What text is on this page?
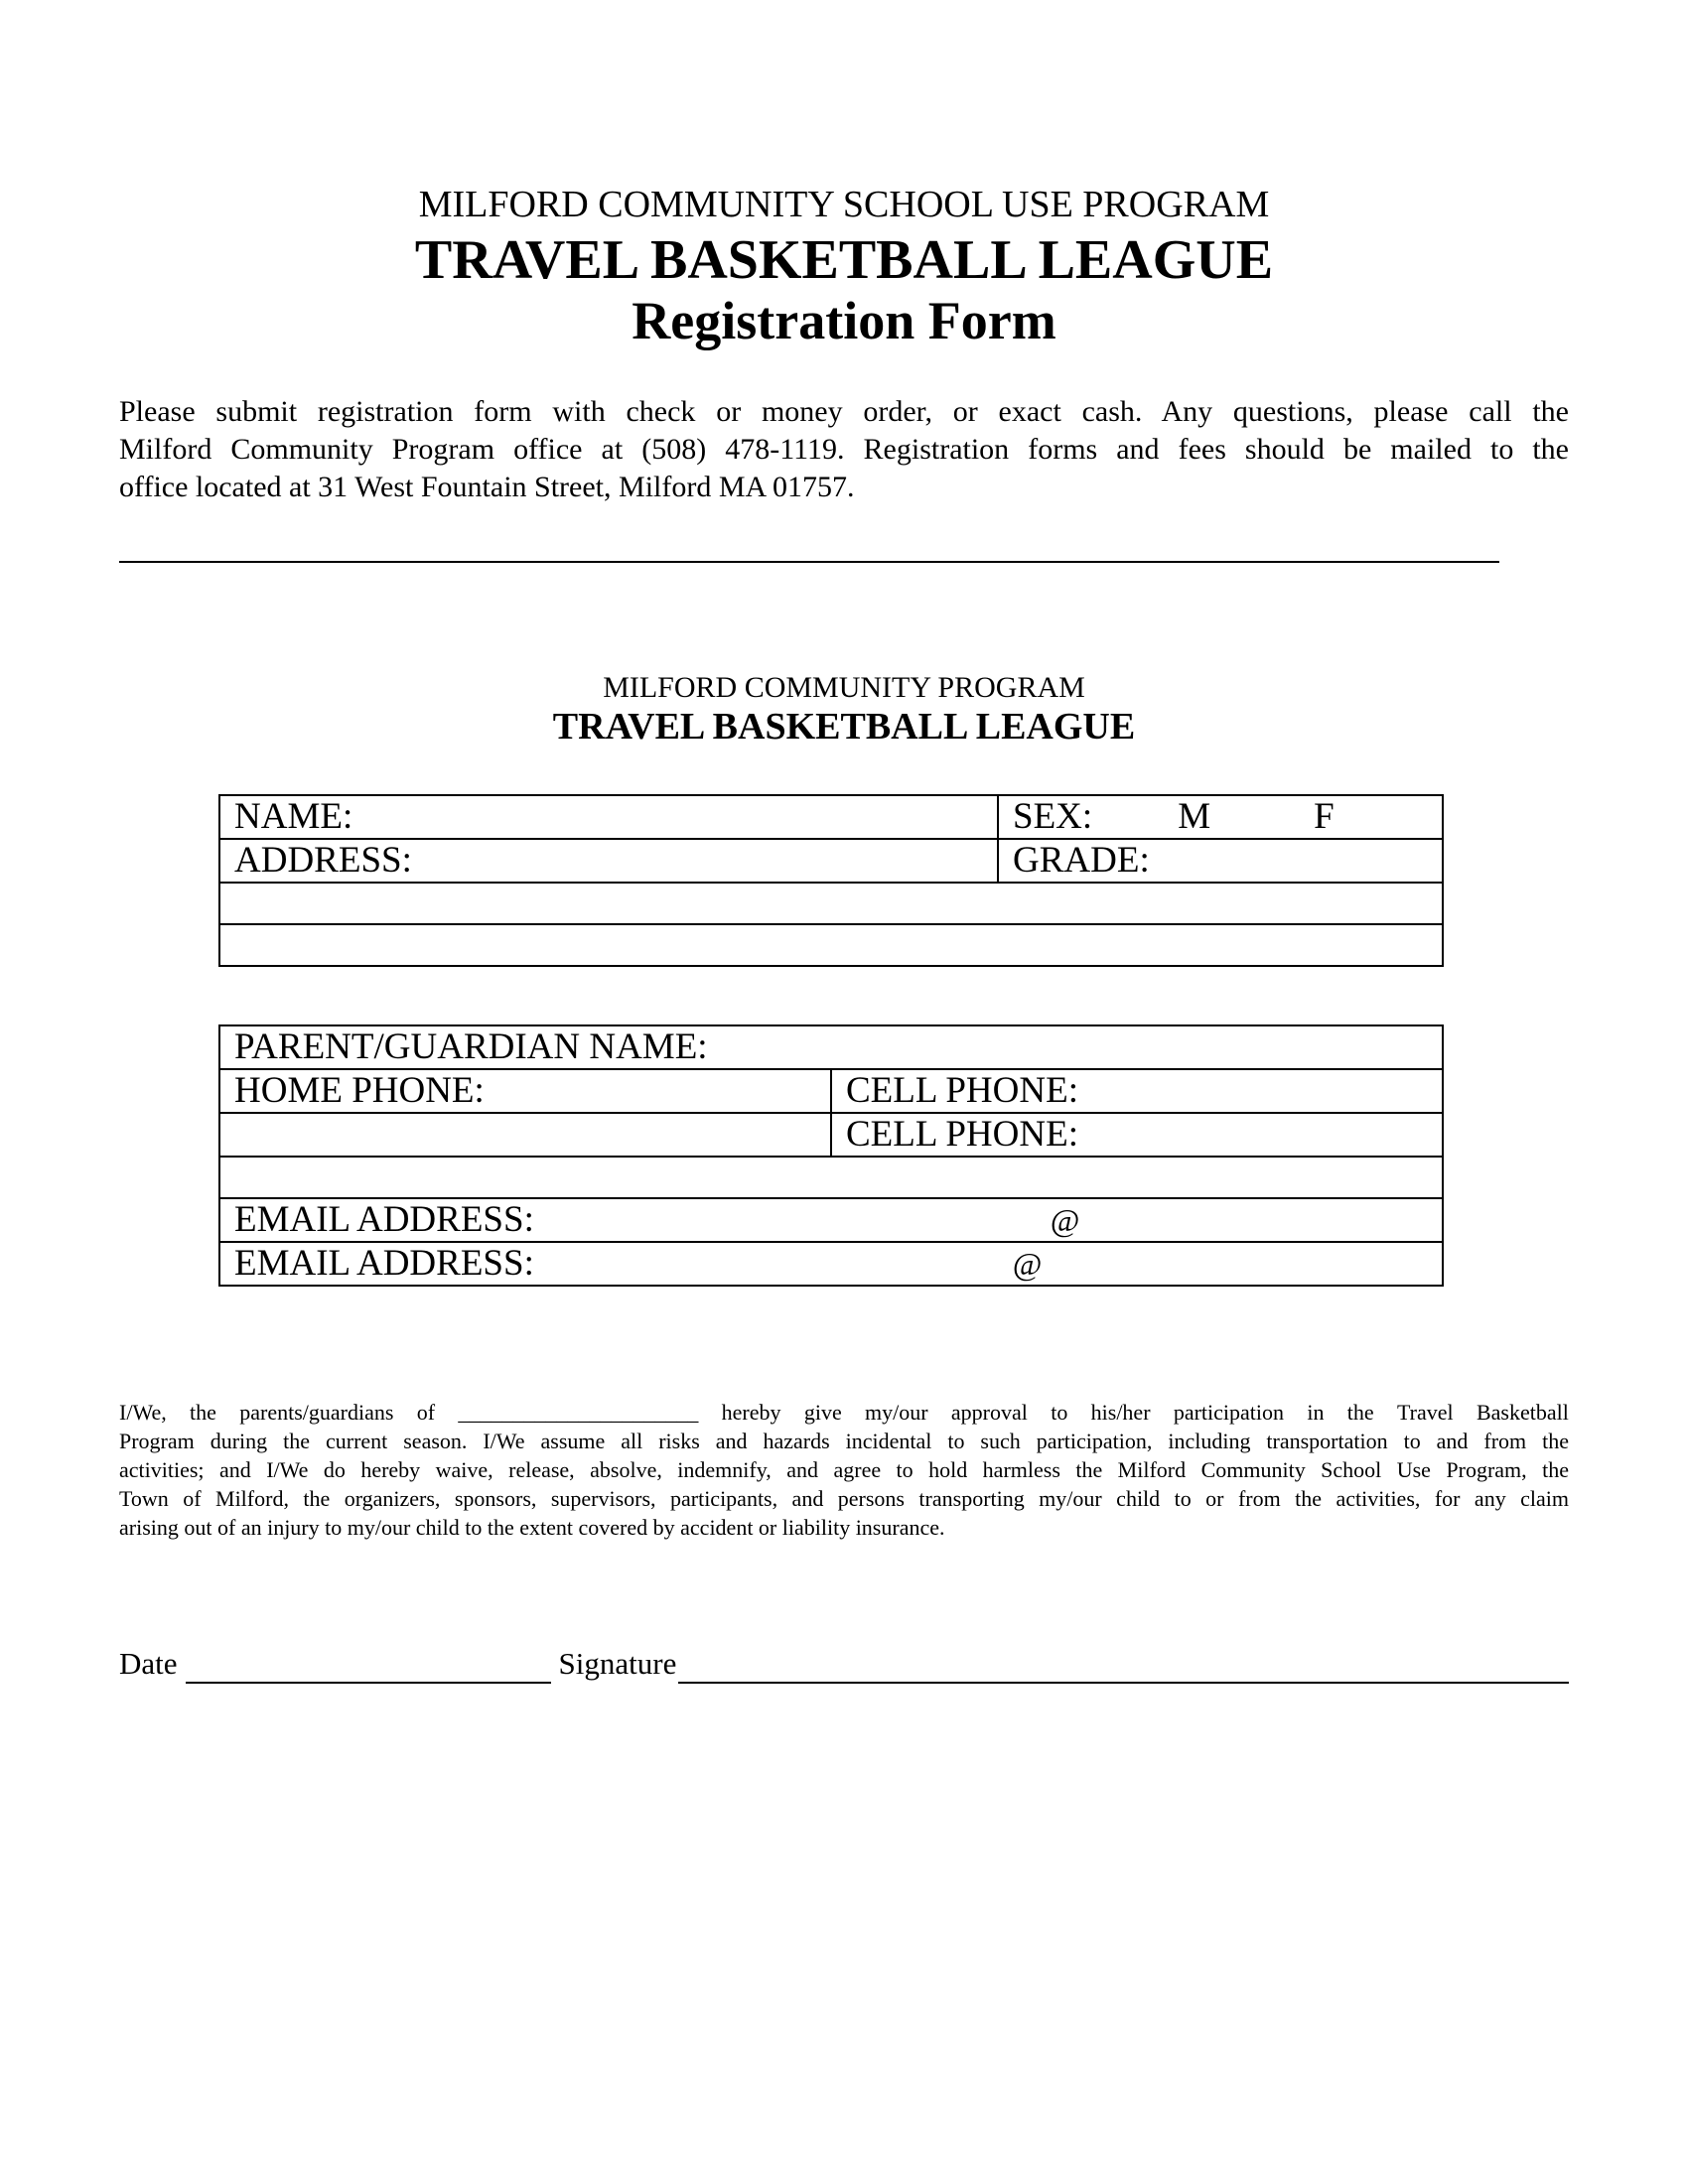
MILFORD COMMUNITY SCHOOL USE PROGRAM
TRAVEL BASKETBALL LEAGUE
Registration Form
Please submit registration form with check or money order, or exact cash. Any questions, please call the
Milford Community Program office at (508) 478-1119. Registration forms and fees should be mailed to the
office located at 31 West Fountain Street, Milford MA 01757.
MILFORD COMMUNITY PROGRAM
TRAVEL BASKETBALL LEAGUE
NAME:	SEX: M F
ADDRESS:	GRADE:

PARENT/GUARDIAN NAME:	
HOME PHONE:	CELL PHONE:
	CELL PHONE:

EMAIL ADDRESS: @	
EMAIL ADDRESS: @	
I/We, the parents/guardians of ______________________ hereby give my/our approval to his/her participation in the Travel Basketball
Program during the current season. I/We assume all risks and hazards incidental to such participation, including transportation to and from the
activities; and I/We do hereby waive, release, absolve, indemnify, and agree to hold harmless the Milford Community School Use Program, the
Town of Milford, the organizers, sponsors, supervisors, participants, and persons transporting my/our child to or from the activities, for any claim
arising out of an injury to my/our child to the extent covered by accident or liability insurance.
Date	Signature
